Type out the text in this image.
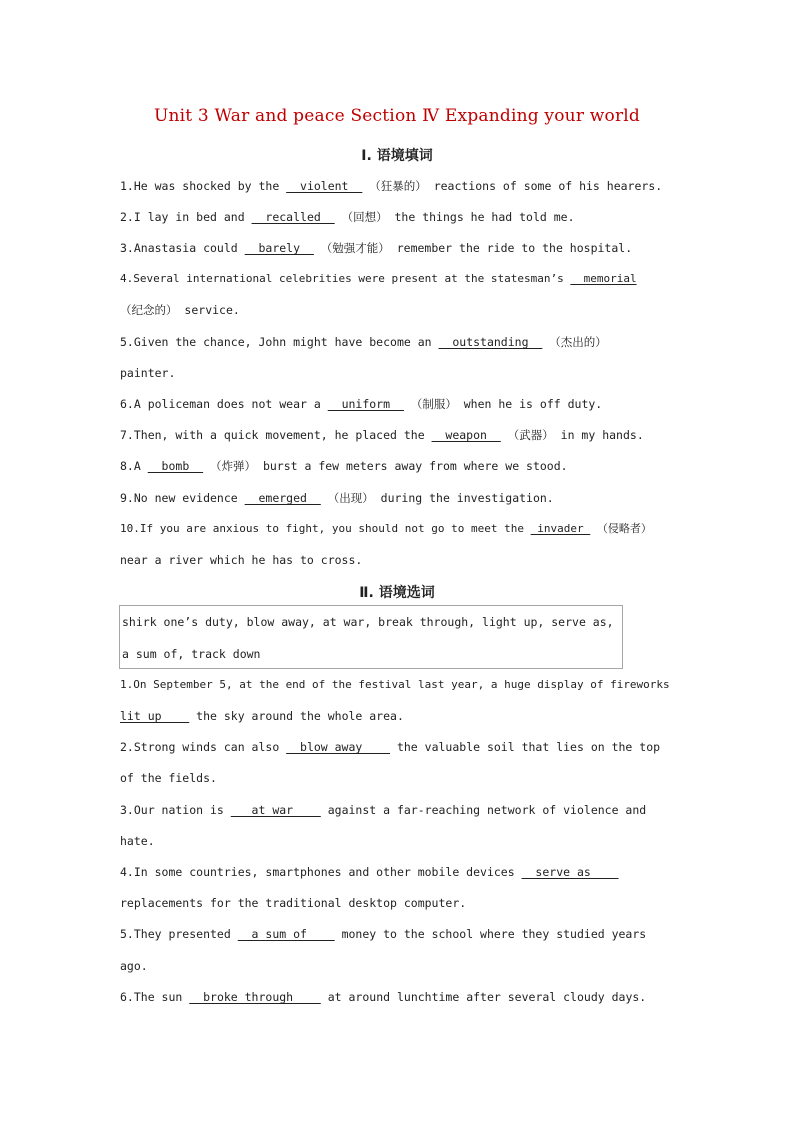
Unit 3 War and peace Section Ⅳ Expanding your world
Ⅰ. 语境填词
1.He was shocked by the   violent   （狂暴的） reactions of some of his hearers.
2.I lay in bed and   recalled   （回想） the things he had told me.
3.Anastasia could   barely   （勉强才能） remember the ride to the hospital.
4.Several international celebrities were present at the statesman’s   memorial
（纪念的） service.
5.Given the chance, John might have become an   outstanding   （杰出的）
painter.
6.A policeman does not wear a   uniform   （制服） when he is off duty.
7.Then, with a quick movement, he placed the   weapon   （武器） in my hands.
8.A   bomb   （炸弹） burst a few meters away from where we stood.
9.No new evidence   emerged   （出现） during the investigation.
10.If you are anxious to fight, you should not go to meet the  invader  （侵略者）
near a river which he has to cross.
Ⅱ. 语境选词
shirk one’s duty, blow away, at war, break through, light up, serve as,
a sum of, track down
1.On September 5, at the end of the festival last year, a huge display of fireworks
lit up     the sky around the whole area.
2.Strong winds can also   blow away     the valuable soil that lies on the top
of the fields.
3.Our nation is    at war     against a far-reaching network of violence and
hate.
4.In some countries, smartphones and other mobile devices   serve as
replacements for the traditional desktop computer.
5.They presented   a sum of     money to the school where they studied years
ago.
6.The sun   broke through     at around lunchtime after several cloudy days.
